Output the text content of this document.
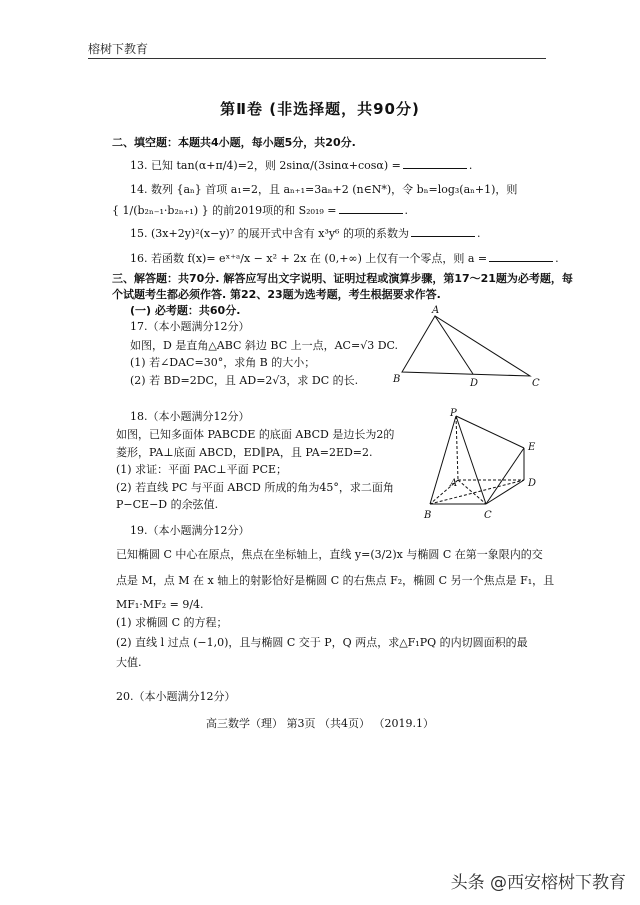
榕树下教育
第Ⅱ卷 (非选择题，共90分)
二、填空题：本题共4小题，每小题5分，共20分.
13. 已知 tan(α+π/4)=2，则 2sinα/(3sinα+cosα) =	.
14. 数列 {aₙ} 首项 a₁=2，且 aₙ₊₁=3aₙ+2 (n∈N*)，令 bₙ=log₃(aₙ+1)，则
{ 1/(b₂ₙ₋₁·b₂ₙ₊₁) } 的前2019项的和 S₂₀₁₉ =	.
15. (3x+2y)²(x−y)⁷ 的展开式中含有 x³y⁶ 的项的系数为	.
16. 若函数 f(x)= eˣ⁺ᵃ/x − x² + 2x 在 (0,+∞) 上仅有一个零点，则 a =	.
三、解答题：共70分. 解答应写出文字说明、证明过程或演算步骤，第17～21题为必考题，每
个试题考生都必须作答. 第22、23题为选考题，考生根据要求作答.
(一) 必考题：共60分.
17.（本小题满分12分）
如图，D 是直角△ABC 斜边 BC 上一点，AC=√3 DC.
(1) 若∠DAC=30°，求角 B 的大小；
(2) 若 BD=2DC，且 AD=2√3，求 DC 的长.
A
B	D	C
18.（本小题满分12分）
如图，已知多面体 PABCDE 的底面 ABCD 是边长为2的
菱形，PA⊥底面 ABCD，ED∥PA，且 PA=2ED=2.
(1) 求证：平面 PAC⊥平面 PCE；
(2) 若直线 PC 与平面 ABCD 所成的角为45°，求二面角
P−CE−D 的余弦值.
P
E
A	D
B	C
19.（本小题满分12分）
已知椭圆 C 中心在原点，焦点在坐标轴上，直线 y=(3/2)x 与椭圆 C 在第一象限内的交
点是 M，点 M 在 x 轴上的射影恰好是椭圆 C 的右焦点 F₂，椭圆 C 另一个焦点是 F₁，且
MF₁·MF₂ = 9/4.
(1) 求椭圆 C 的方程；
(2) 直线 l 过点 (−1,0)，且与椭圆 C 交于 P，Q 两点，求△F₁PQ 的内切圆面积的最
大值.
20.（本小题满分12分）
高三数学（理） 第3页 （共4页） （2019.1）
头条 @西安榕树下教育
